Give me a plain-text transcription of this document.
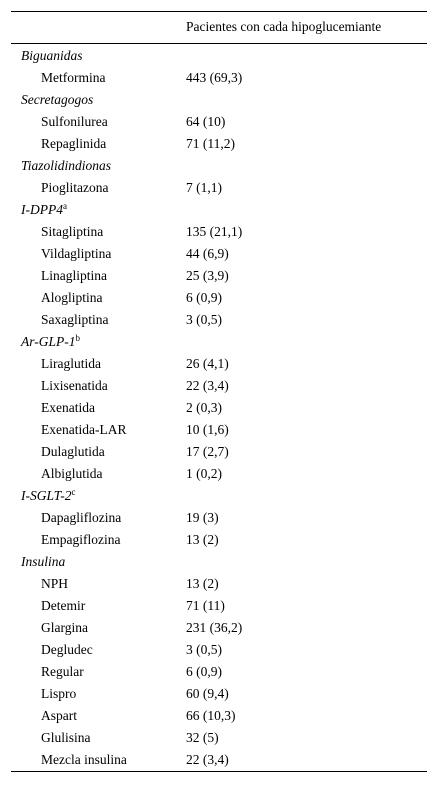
Pacientes con cada hipoglucemiante
Biguanidas
Metformina	443 (69,3)
Secretagogos
Sulfonilurea	64 (10)
Repaglinida	71 (11,2)
Tiazolidindionas
Pioglitazona	7 (1,1)
I-DPP4$^a$
Sitagliptina	135 (21,1)
Vildagliptina	44 (6,9)
Linagliptina	25 (3,9)
Alogliptina	6 (0,9)
Saxagliptina	3 (0,5)
Ar-GLP-1$^b$
Liraglutida	26 (4,1)
Lixisenatida	22 (3,4)
Exenatida	2 (0,3)
Exenatida-LAR	10 (1,6)
Dulaglutida	17 (2,7)
Albiglutida	1 (0,2)
I-SGLT-2$^c$
Dapagliflozina	19 (3)
Empagiflozina	13 (2)
Insulina
NPH	13 (2)
Detemir	71 (11)
Glargina	231 (36,2)
Degludec	3 (0,5)
Regular	6 (0,9)
Lispro	60 (9,4)
Aspart	66 (10,3)
Glulisina	32 (5)
Mezcla insulina	22 (3,4)
